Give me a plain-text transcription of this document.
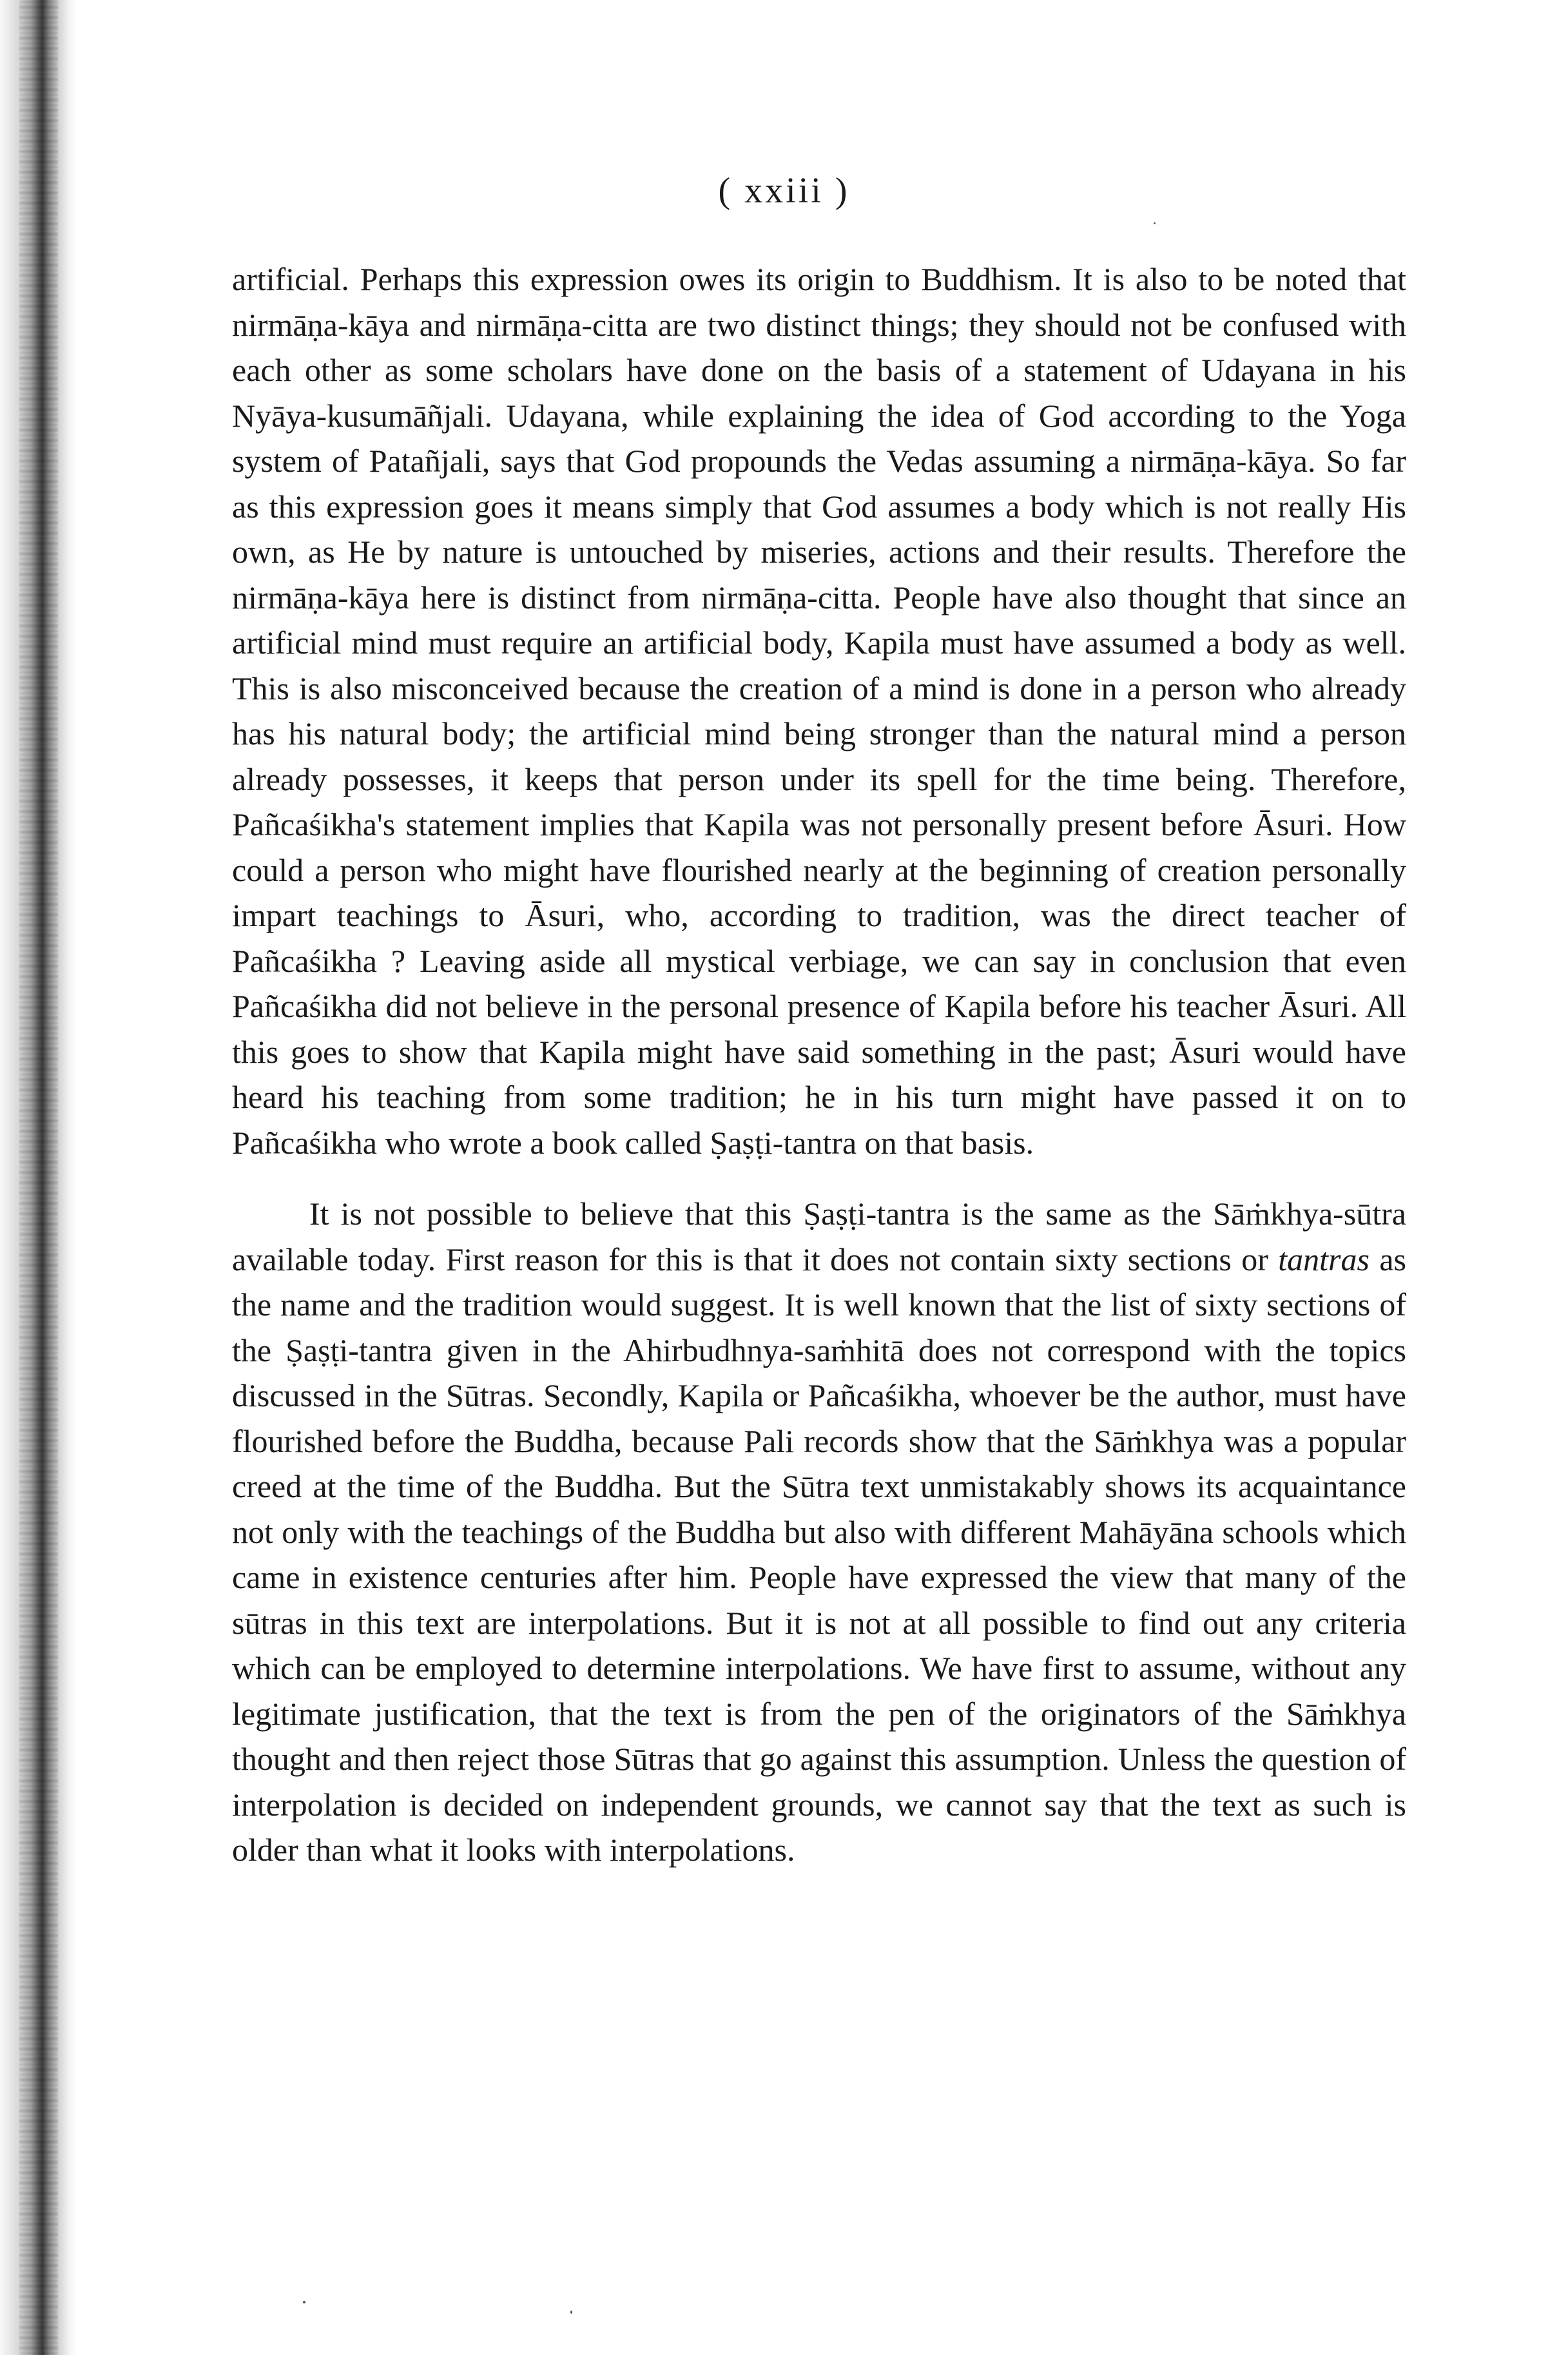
( xxiii )

artificial. Perhaps this expression owes its origin to Buddhism. It is also to be noted that nirmāṇa-kāya and nirmāṇa-citta are two distinct things; they should not be confused with each other as some scholars have done on the basis of a statement of Udayana in his Nyāya-kusumāñjali. Udayana, while explaining the idea of God according to the Yoga system of Patañjali, says that God propounds the Vedas assuming a nirmāṇa-kāya. So far as this expression goes it means simply that God assumes a body which is not really His own, as He by nature is untouched by miseries, actions and their results. Therefore the nirmāṇa-kāya here is distinct from nirmāṇa-citta. People have also thought that since an artificial mind must require an artificial body, Kapila must have assumed a body as well. This is also misconceived because the creation of a mind is done in a person who already has his natural body; the artificial mind being stronger than the natural mind a person already possesses, it keeps that person under its spell for the time being. Therefore, Pañcaśikha's statement implies that Kapila was not personally present before Āsuri. How could a person who might have flourished nearly at the beginning of creation personally impart teachings to Āsuri, who, according to tradition, was the direct teacher of Pañcaśikha ? Leaving aside all mystical verbiage, we can say in conclusion that even Pañcaśikha did not believe in the personal presence of Kapila before his teacher Āsuri. All this goes to show that Kapila might have said something in the past; Āsuri would have heard his teaching from some tradition; he in his turn might have passed it on to Pañcaśikha who wrote a book called Ṣaṣṭi-tantra on that basis.

It is not possible to believe that this Ṣaṣṭi-tantra is the same as the Sāṁkhya-sūtra available today. First reason for this is that it does not contain sixty sections or tantras as the name and the tradition would suggest. It is well known that the list of sixty sections of the Ṣaṣṭi-tantra given in the Ahirbudhnya-saṁhitā does not correspond with the topics discussed in the Sūtras. Secondly, Kapila or Pañcaśikha, whoever be the author, must have flourished before the Buddha, because Pali records show that the Sāṁkhya was a popular creed at the time of the Buddha. But the Sūtra text unmistakably shows its acquaintance not only with the teachings of the Buddha but also with different Mahāyāna schools which came in existence centuries after him. People have expressed the view that many of the sūtras in this text are interpolations. But it is not at all possible to find out any criteria which can be employed to determine interpolations. We have first to assume, without any legitimate justification, that the text is from the pen of the originators of the Sāṁkhya thought and then reject those Sūtras that go against this assumption. Unless the question of interpolation is decided on independent grounds, we cannot say that the text as such is older than what it looks with interpolations.
